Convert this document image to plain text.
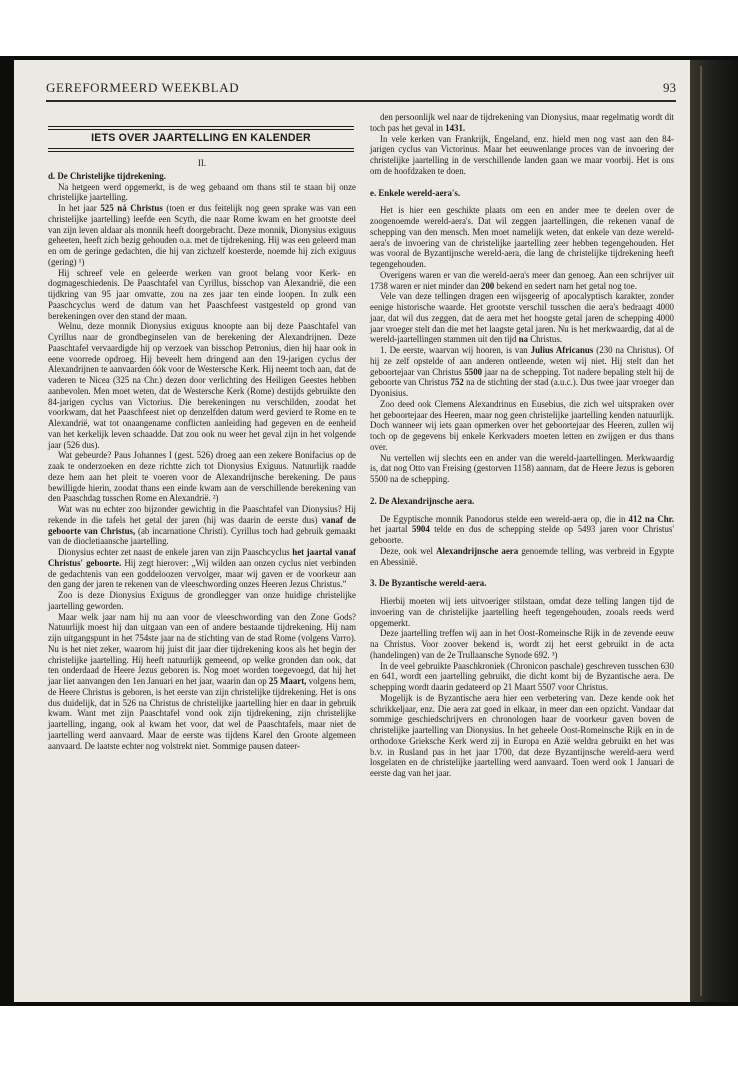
GEREFORMEERD WEEKBLAD	93
IETS OVER JAARTELLING EN KALENDER
II.
d. De Christelijke tijdrekening.

Na hetgeen werd opgemerkt, is de weg gebaand om thans stil te staan bij onze christelijke jaartelling.

In het jaar 525 ná Christus (toen er dus feitelijk nog geen sprake was van een christelijke jaartelling) leefde een Scyth, die naar Rome kwam en het grootste deel van zijn leven aldaar als monnik heeft doorgebracht. Deze monnik, Dionysius exiguus geheeten, heeft zich bezig gehouden o.a. met de tijdrekening. Hij was een geleerd man en om de geringe gedachten, die hij van zichzelf koesterde, noemde hij zich exiguus (gering) ¹)

Hij schreef vele en geleerde werken van groot belang voor Kerk- en dogmageschiedenis. De Paaschtafel van Cyrillus, bisschop van Alexandrië, die een tijdkring van 95 jaar omvatte, zou na zes jaar ten einde loopen. In zulk een Paaschcyclus werd de datum van het Paaschfeest vastgesteld op grond van berekeningen over den stand der maan.

Welnu, deze monnik Dionysius exiguus knoopte aan bij deze Paaschtafel van Cyrillus naar de grondbeginselen van de berekening der Alexandrijnen. Deze Paaschtafel vervaardigde hij op verzoek van bisschop Petronius, dien hij haar ook in eene voorrede opdroeg. Hij beveelt hem dringend aan den 19-jarigen cyclus der Alexandrijnen te aanvaarden óók voor de Westersche Kerk. Hij neemt toch aan, dat de vaderen te Nicea (325 na Chr.) dezen door verlichting des Heiligen Geestes hebben aanbevolen. Men moet weten, dat de Westersche Kerk (Rome) destijds gebruikte den 84-jarigen cyclus van Victorius. Die berekeningen nu verschilden, zoodat het voorkwam, dat het Paaschfeest niet op denzelfden datum werd gevierd te Rome en te Alexandrië, wat tot onaangename conflicten aanleiding had gegeven en de eenheid van het kerkelijk leven schaadde. Dat zou ook nu weer het geval zijn in het volgende jaar (526 dus).

Wat gebeurde? Paus Johannes I (gest. 526) droeg aan een zekere Bonifacius op de zaak te onderzoeken en deze richtte zich tot Dionysius Exiguus. Natuurlijk raadde deze hem aan het pleit te voeren voor de Alexandrijnsche berekening. De paus bewilligde hierin, zoodat thans een einde kwam aan de verschillende berekening van den Paaschdag tusschen Rome en Alexandrië. ²)

Wat was nu echter zoo bijzonder gewichtig in die Paaschtafel van Dionysius? Hij rekende in die tafels het getal der jaren (hij was daarin de eerste dus) vanaf de geboorte van Christus, (ab incarnatione Christi). Cyrillus toch had gebruik gemaakt van de diocletiaansche jaartelling.

Dionysius echter zet naast de enkele jaren van zijn Paaschcyclus het jaartal vanaf Christus' geboorte. Hij zegt hierover: „Wij wilden aan onzen cyclus niet verbinden de gedachtenis van een goddeloozen vervolger, maar wij gaven er de voorkeur aan den gang der jaren te rekenen van de vleeschwording onzes Heeren Jezus Christus.”

Zoo is deze Dionysius Exiguus de grondlegger van onze huidige christelijke jaartelling geworden.

Maar welk jaar nam hij nu aan voor de vleeschwording van den Zone Gods? Natuurlijk moest hij dan uitgaan van een of andere bestaande tijdrekening. Hij nam zijn uitgangspunt in het 754ste jaar na de stichting van de stad Rome (volgens Varro). Nu is het niet zeker, waarom hij juist dit jaar dier tijdrekening koos als het begin der christelijke jaartelling. Hij heeft natuurlijk gemeend, op welke gronden dan ook, dat ten onderdaad de Heere Jezus geboren is. Nog moet worden toegevoegd, dat hij het jaar liet aanvangen den 1en Januari en het jaar, waarin dan op 25 Maart, volgens hem, de Heere Christus is geboren, is het eerste van zijn christelijke tijdrekening. Het is ons dus duidelijk, dat in 526 na Christus de christelijke jaartelling hier en daar in gebruik kwam. Want met zijn Paaschtafel vond ook zijn tijdrekening, zijn christelijke jaartelling, ingang, ook al kwam het voor, dat wel de Paaschtafels, maar niet de jaartelling werd aanvaard. Maar de eerste was tijdens Karel den Groote algemeen aanvaard. De laatste echter nog volstrekt niet. Sommige pausen dateer-

den persoonlijk wel naar de tijdrekening van Dionysius, maar regelmatig wordt dit toch pas het geval in 1431.

In vele kerken van Frankrijk, Engeland, enz. hield men nog vast aan den 84-jarigen cyclus van Victorinus. Maar het eeuwenlange proces van de invoering der christelijke jaartelling in de verschillende landen gaan we maar voorbij. Het is ons om de hoofdzaken te doen.

e. Enkele wereld-aera's.

Het is hier een geschikte plaats om een en ander mee te deelen over de zoogenoemde wereld-aera's. Dat wil zeggen jaartellingen, die rekenen vanaf de schepping van den mensch. Men moet namelijk weten, dat enkele van deze wereld-aera's de invoering van de christelijke jaartelling zeer hebben tegengehouden. Het was vooral de Byzantijnsche wereld-aera, die lang de christelijke tijdrekening heeft tegengehouden.

Overigens waren er van die wereld-aera's meer dan genoeg. Aan een schrijver uit 1738 waren er niet minder dan 200 bekend en sedert nam het getal nog toe.

Vele van deze tellingen dragen een wijsgeerig of apocalyptisch karakter, zonder eenige historische waarde. Het grootste verschil tusschen die aera's bedraagt 4000 jaar, dat wil dus zeggen, dat de aera met het hoogste getal jaren de schepping 4000 jaar vroeger stelt dan die met het laagste getal jaren. Nu is het merkwaardig, dat al de wereld-jaartellingen stammen uit den tijd na Christus.

1. De eerste, waarvan wij hooren, is van Julius Africanus (230 na Christus). Of hij ze zelf opstelde of aan anderen ontleende, weten wij niet. Hij stelt dan het geboortejaar van Christus 5500 jaar na de schepping. Tot nadere bepaling stelt hij de geboorte van Christus 752 na de stichting der stad (a.u.c.). Dus twee jaar vroeger dan Dyonisius.

Zoo deed ook Clemens Alexandrinus en Eusebius, die zich wel uitspraken over het geboortejaar des Heeren, maar nog geen christelijke jaartelling kenden natuurlijk. Doch wanneer wij iets gaan opmerken over het geboortejaar des Heeren, zullen wij toch op de gegevens bij enkele Kerkvaders moeten letten en zwijgen er dus thans over.

Nu vertellen wij slechts een en ander van die wereld-jaartellingen. Merkwaardig is, dat nog Otto van Freising (gestorven 1158) aannam, dat de Heere Jezus is geboren 5500 na de schepping.

2. De Alexandrijnsche aera.

De Egyptische monnik Panodorus stelde een wereld-aera op, die in 412 na Chr. het jaartal 5904 telde en dus de schepping stelde op 5493 jaren voor Christus' geboorte.

Deze, ook wel Alexandrijnsche aera genoemde telling, was verbreid in Egypte en Abessinië.

3. De Byzantische wereld-aera.

Hierbij moeten wij iets uitvoeriger stilstaan, omdat deze telling langen tijd de invoering van de christelijke jaartelling heeft tegengehouden, zooals reeds werd opgemerkt.

Deze jaartelling treffen wij aan in het Oost-Romeinsche Rijk in de zevende eeuw na Christus. Voor zoover bekend is, wordt zij het eerst gebruikt in de acta (handelingen) van de 2e Trullaansche Synode 692. ³)

In de veel gebruikte Paaschkroniek (Chronicon paschale) geschreven tusschen 630 en 641, wordt een jaartelling gebruikt, die dicht komt bij de Byzantische aera. De schepping wordt daarin gedateerd op 21 Maart 5507 voor Christus.

Mogelijk is de Byzantische aera hier een verbetering van. Deze kende ook het schrikkeljaar, enz. Die aera zat goed in elkaar, in meer dan een opzicht. Vandaar dat sommige geschiedschrijvers en chronologen haar de voorkeur gaven boven de christelijke jaartelling van Dionysius. In het geheele Oost-Romeinsche Rijk en in de orthodoxe Grieksche Kerk werd zij in Europa en Azië weldra gebruikt en het was b.v. in Rusland pas in het jaar 1700, dat deze Byzantijnsche wereld-aera werd losgelaten en de christelijke jaartelling werd aanvaard. Toen werd ook 1 Januari de eerste dag van het jaar.
